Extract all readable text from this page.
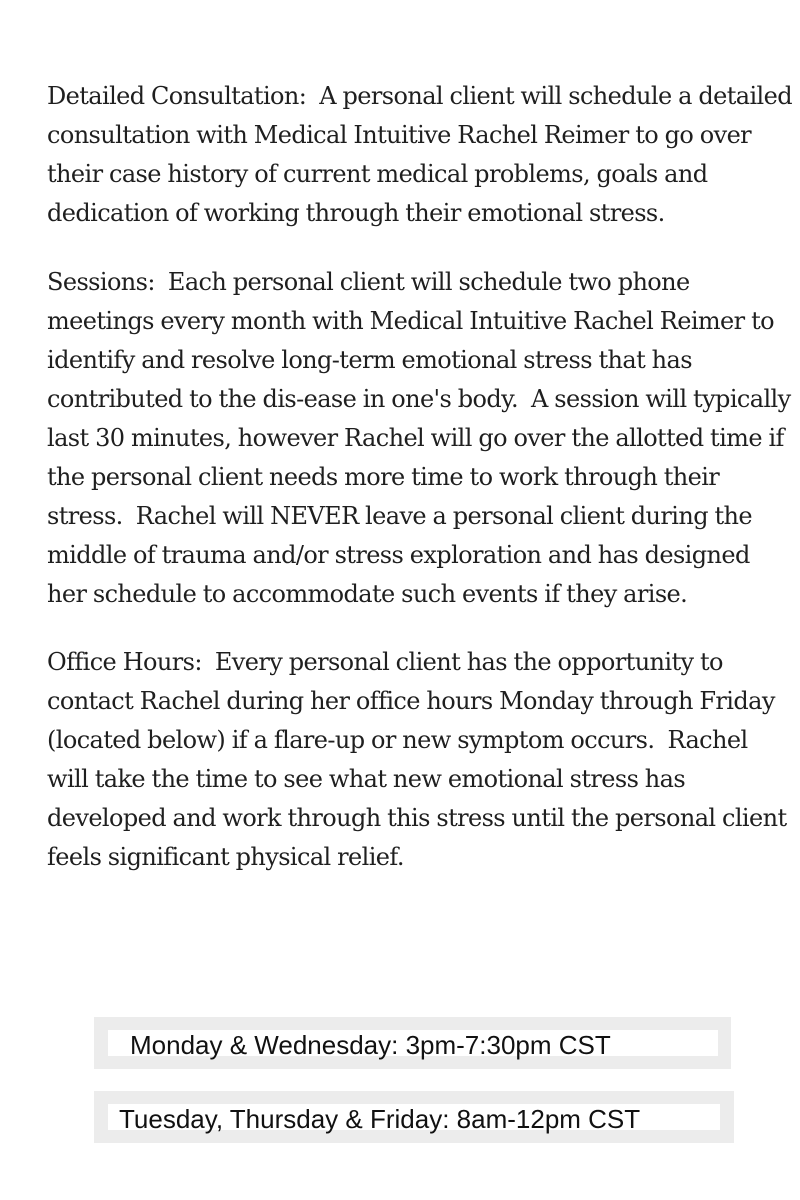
Detailed Consultation:  A personal client will schedule a detailed consultation with Medical Intuitive Rachel Reimer to go over their case history of current medical problems, goals and dedication of working through their emotional stress.

Sessions:  Each personal client will schedule two phone meetings every month with Medical Intuitive Rachel Reimer to identify and resolve long-term emotional stress that has contributed to the dis-ease in one's body.  A session will typically last 30 minutes, however Rachel will go over the allotted time if the personal client needs more time to work through their stress.  Rachel will NEVER leave a personal client during the middle of trauma and/or stress exploration and has designed her schedule to accommodate such events if they arise.

Office Hours:  Every personal client has the opportunity to contact Rachel during her office hours Monday through Friday (located below) if a flare-up or new symptom occurs.  Rachel will take the time to see what new emotional stress has developed and work through this stress until the personal client feels significant physical relief.

Monday & Wednesday: 3pm-7:30pm CST
Tuesday, Thursday & Friday: 8am-12pm CST
